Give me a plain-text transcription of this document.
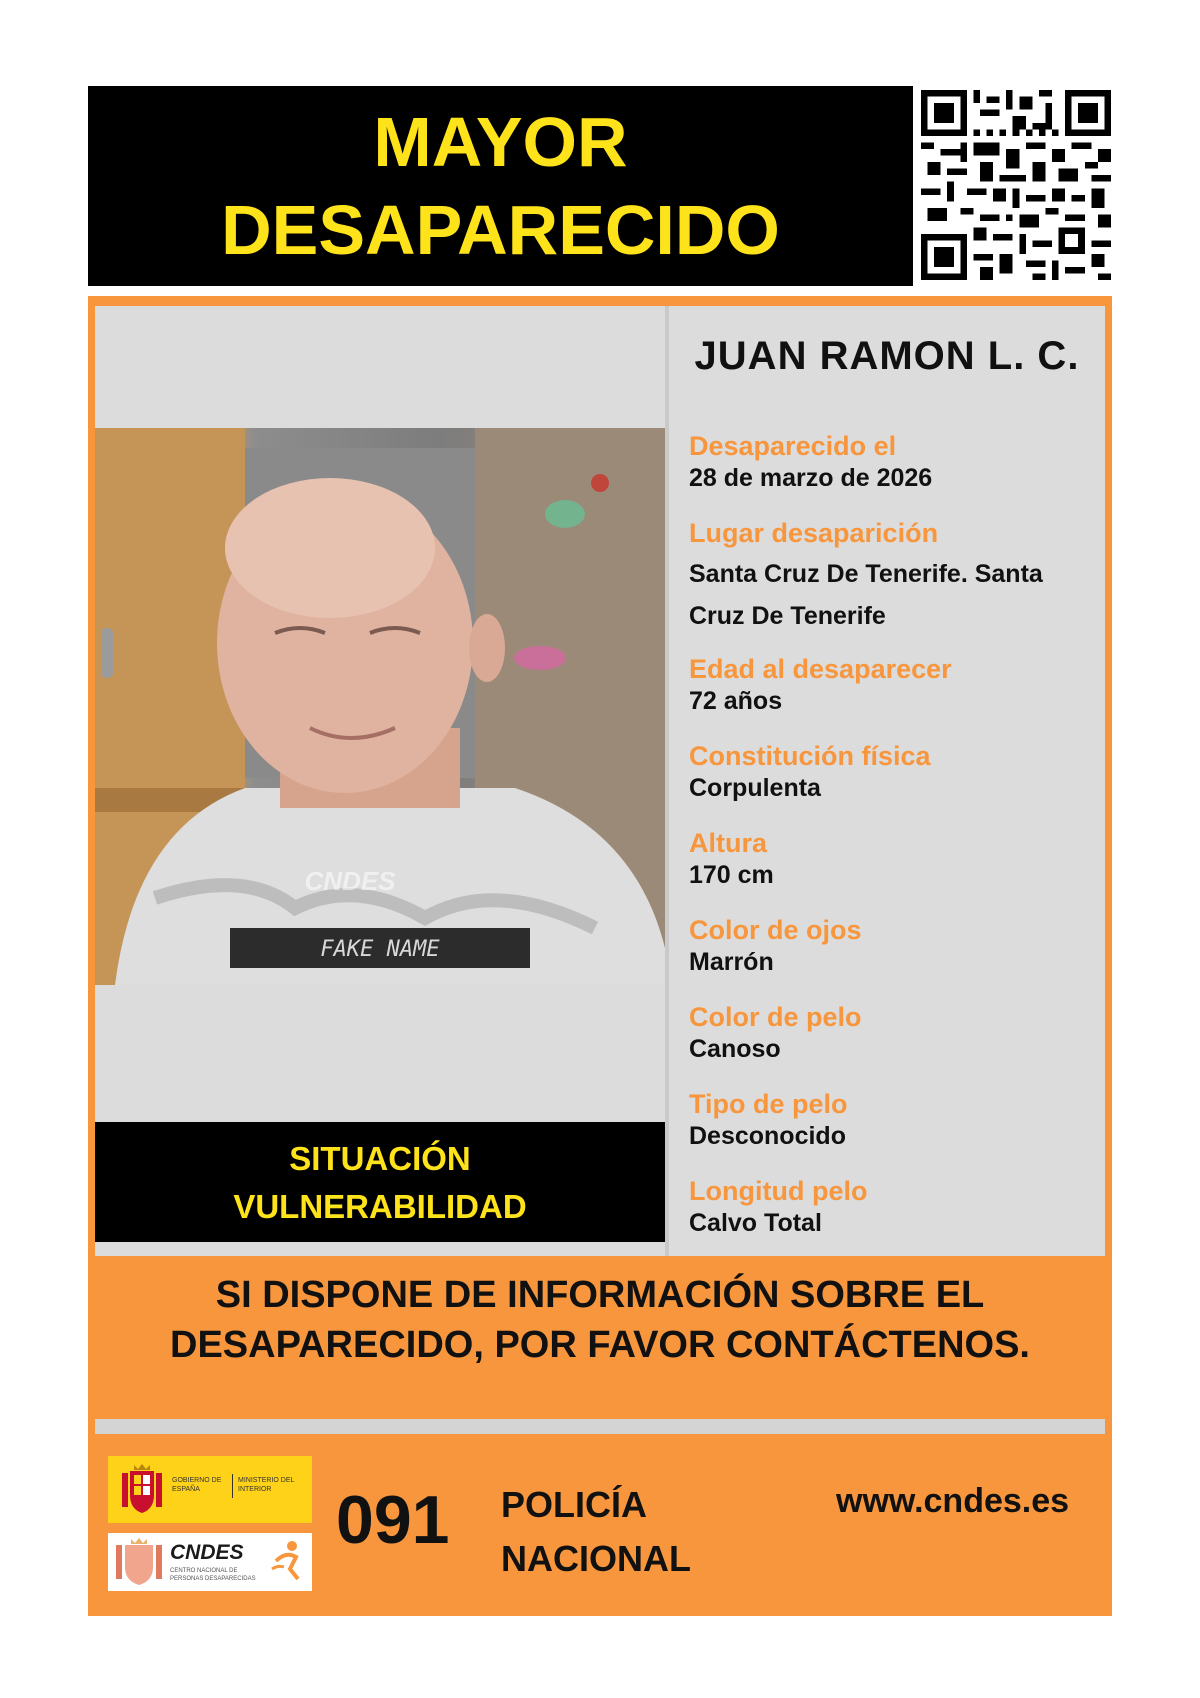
MAYOR
DESAPARECIDO
FAKE NAME
CNDES
SITUACIÓN
VULNERABILIDAD
JUAN RAMON L. C.
Desaparecido el
28 de marzo de 2026
Lugar desaparición
Santa Cruz De Tenerife. Santa Cruz De Tenerife
Edad al desaparecer
72 años
Constitución física
Corpulenta
Altura
170 cm
Color de ojos
Marrón
Color de pelo
Canoso
Tipo de pelo
Desconocido
Longitud pelo
Calvo Total
SI DISPONE DE INFORMACIÓN SOBRE EL
DESAPARECIDO, POR FAVOR CONTÁCTENOS.
GOBIERNO DE ESPAÑA
MINISTERIO DEL INTERIOR
CNDES
CENTRO NACIONAL DE PERSONAS DESAPARECIDAS
091 POLICÍA
NACIONAL
www.cndes.es
